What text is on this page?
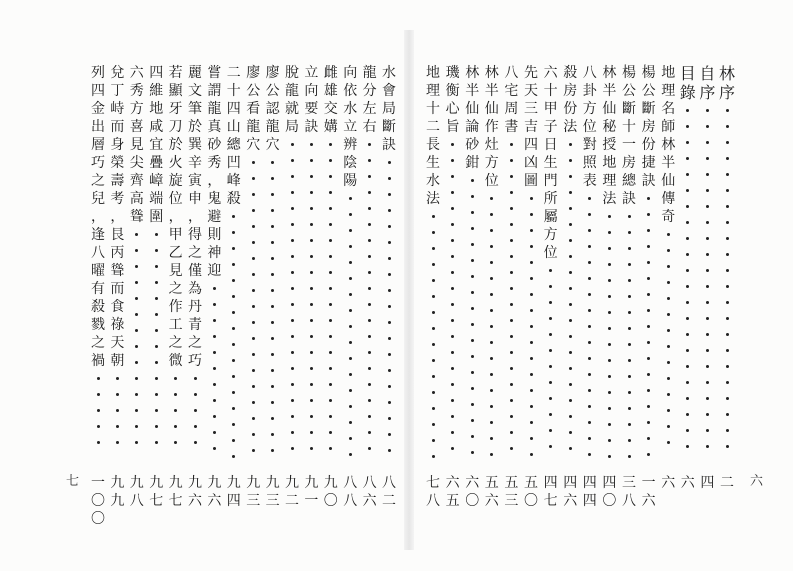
七	六
林
序
二
自
序
四
目
錄
六
地
理
名
師
林
半
仙
傳
奇
六
楊
公
斷
房
份
捷
訣
一
六
楊
公
斷
十
一
房
總
訣
三
八
林
半
仙
秘
授
地
理
法
四
〇
八
卦
方
位
對
照
表
四
四
殺
房
份
法
四
六
六
十
甲
子
日
生
門
所
屬
方
位
四
七
先
天
三
吉
四
凶
圖
五
〇
八
宅
周
書
五
三
林
半
仙
作
灶
方
位
五
六
林
半
仙
論
砂
鉗
六
〇
璣
衡
心
旨
六
五
地
理
十
二
長
生
水
法
七
八
水
會
局
斷
訣
八
二
龍
分
左
右
八
六
向
依
水
立
辨
陰
陽
八
八
雌
雄
交
媾
九
〇
立
向
要
訣
九
一
脫
龍
就
局
九
二
廖
公
認
龍
穴
九
三
廖
公
看
龍
穴
九
三
二
十
四
山
總
凹
峰
殺
九
四
嘗
謂
龍
真
砂
秀
，
鬼
避
則
神
迎
九
六
麗
文
筆
於
巽
辛
寅
申
，
得
之
僅
為
丹
青
之
巧
九
六
若
顯
牙
刀
於
火
旋
位
，
甲
乙
見
之
作
工
之
微
九
七
四
維
地
咸
宜
疊
嶂
端
圍
九
七
六
秀
方
喜
見
尖
齊
高
聳
九
八
兌
丁
峙
而
身
榮
壽
考
，
艮
丙
聳
而
食
祿
天
朝
九
九
列
四
金
出
層
巧
之
兒
，
逢
八
曜
有
殺
戮
之
禍
一
〇
〇
